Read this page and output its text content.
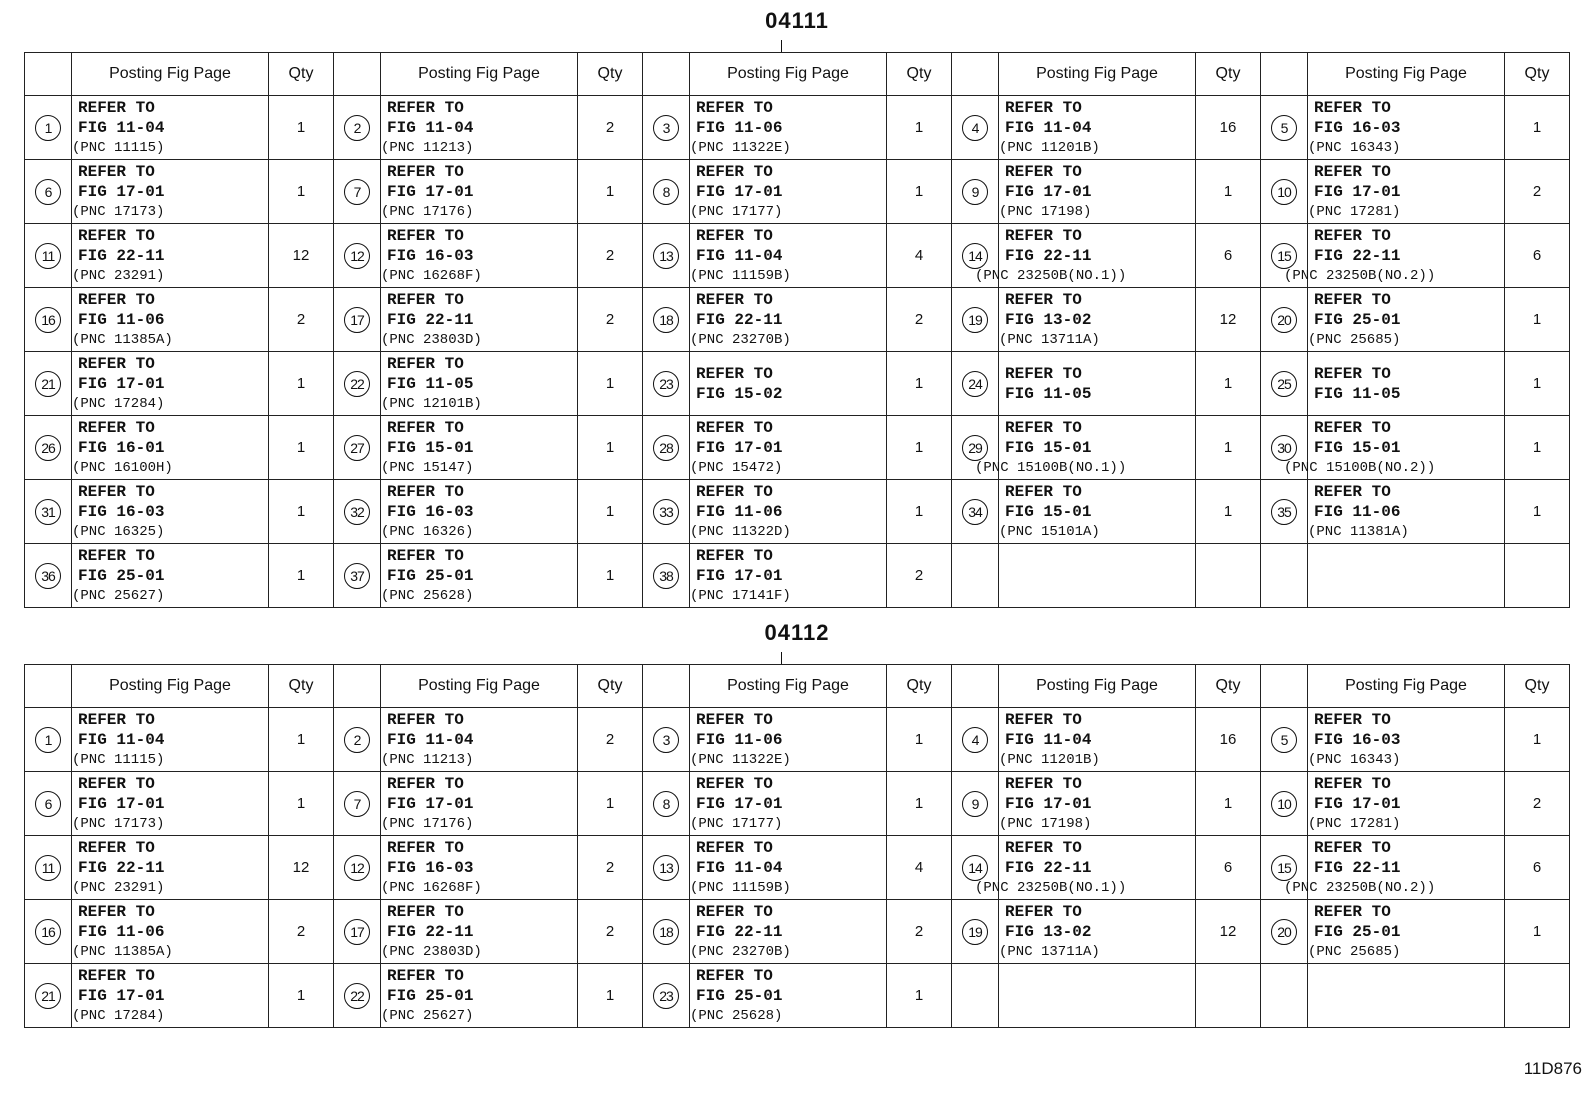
04111
	Posting Fig Page	Qty		Posting Fig Page	Qty		Posting Fig Page	Qty		Posting Fig Page	Qty		Posting Fig Page	Qty
1	REFER TO
FIG 11-04
(PNC 11115)	1	2	REFER TO
FIG 11-04
(PNC 11213)	2	3	REFER TO
FIG 11-06
(PNC 11322E)	1	4	REFER TO
FIG 11-04
(PNC 11201B)	16	5	REFER TO
FIG 16-03
(PNC 16343)	1
6	REFER TO
FIG 17-01
(PNC 17173)	1	7	REFER TO
FIG 17-01
(PNC 17176)	1	8	REFER TO
FIG 17-01
(PNC 17177)	1	9	REFER TO
FIG 17-01
(PNC 17198)	1	10	REFER TO
FIG 17-01
(PNC 17281)	2
11	REFER TO
FIG 22-11
(PNC 23291)	12	12	REFER TO
FIG 16-03
(PNC 16268F)	2	13	REFER TO
FIG 11-04
(PNC 11159B)	4	14	REFER TO
FIG 22-11
(PNC 23250B(NO.1))	6	15	REFER TO
FIG 22-11
(PNC 23250B(NO.2))	6
16	REFER TO
FIG 11-06
(PNC 11385A)	2	17	REFER TO
FIG 22-11
(PNC 23803D)	2	18	REFER TO
FIG 22-11
(PNC 23270B)	2	19	REFER TO
FIG 13-02
(PNC 13711A)	12	20	REFER TO
FIG 25-01
(PNC 25685)	1
21	REFER TO
FIG 17-01
(PNC 17284)	1	22	REFER TO
FIG 11-05
(PNC 12101B)	1	23	REFER TO
FIG 15-02	1	24	REFER TO
FIG 11-05	1	25	REFER TO
FIG 11-05	1
26	REFER TO
FIG 16-01
(PNC 16100H)	1	27	REFER TO
FIG 15-01
(PNC 15147)	1	28	REFER TO
FIG 17-01
(PNC 15472)	1	29	REFER TO
FIG 15-01
(PNC 15100B(NO.1))	1	30	REFER TO
FIG 15-01
(PNC 15100B(NO.2))	1
31	REFER TO
FIG 16-03
(PNC 16325)	1	32	REFER TO
FIG 16-03
(PNC 16326)	1	33	REFER TO
FIG 11-06
(PNC 11322D)	1	34	REFER TO
FIG 15-01
(PNC 15101A)	1	35	REFER TO
FIG 11-06
(PNC 11381A)	1
36	REFER TO
FIG 25-01
(PNC 25627)	1	37	REFER TO
FIG 25-01
(PNC 25628)	1	38	REFER TO
FIG 17-01
(PNC 17141F)	2						
04112
	Posting Fig Page	Qty		Posting Fig Page	Qty		Posting Fig Page	Qty		Posting Fig Page	Qty		Posting Fig Page	Qty
1	REFER TO
FIG 11-04
(PNC 11115)	1	2	REFER TO
FIG 11-04
(PNC 11213)	2	3	REFER TO
FIG 11-06
(PNC 11322E)	1	4	REFER TO
FIG 11-04
(PNC 11201B)	16	5	REFER TO
FIG 16-03
(PNC 16343)	1
6	REFER TO
FIG 17-01
(PNC 17173)	1	7	REFER TO
FIG 17-01
(PNC 17176)	1	8	REFER TO
FIG 17-01
(PNC 17177)	1	9	REFER TO
FIG 17-01
(PNC 17198)	1	10	REFER TO
FIG 17-01
(PNC 17281)	2
11	REFER TO
FIG 22-11
(PNC 23291)	12	12	REFER TO
FIG 16-03
(PNC 16268F)	2	13	REFER TO
FIG 11-04
(PNC 11159B)	4	14	REFER TO
FIG 22-11
(PNC 23250B(NO.1))	6	15	REFER TO
FIG 22-11
(PNC 23250B(NO.2))	6
16	REFER TO
FIG 11-06
(PNC 11385A)	2	17	REFER TO
FIG 22-11
(PNC 23803D)	2	18	REFER TO
FIG 22-11
(PNC 23270B)	2	19	REFER TO
FIG 13-02
(PNC 13711A)	12	20	REFER TO
FIG 25-01
(PNC 25685)	1
21	REFER TO
FIG 17-01
(PNC 17284)	1	22	REFER TO
FIG 25-01
(PNC 25627)	1	23	REFER TO
FIG 25-01
(PNC 25628)	1						
11D876
